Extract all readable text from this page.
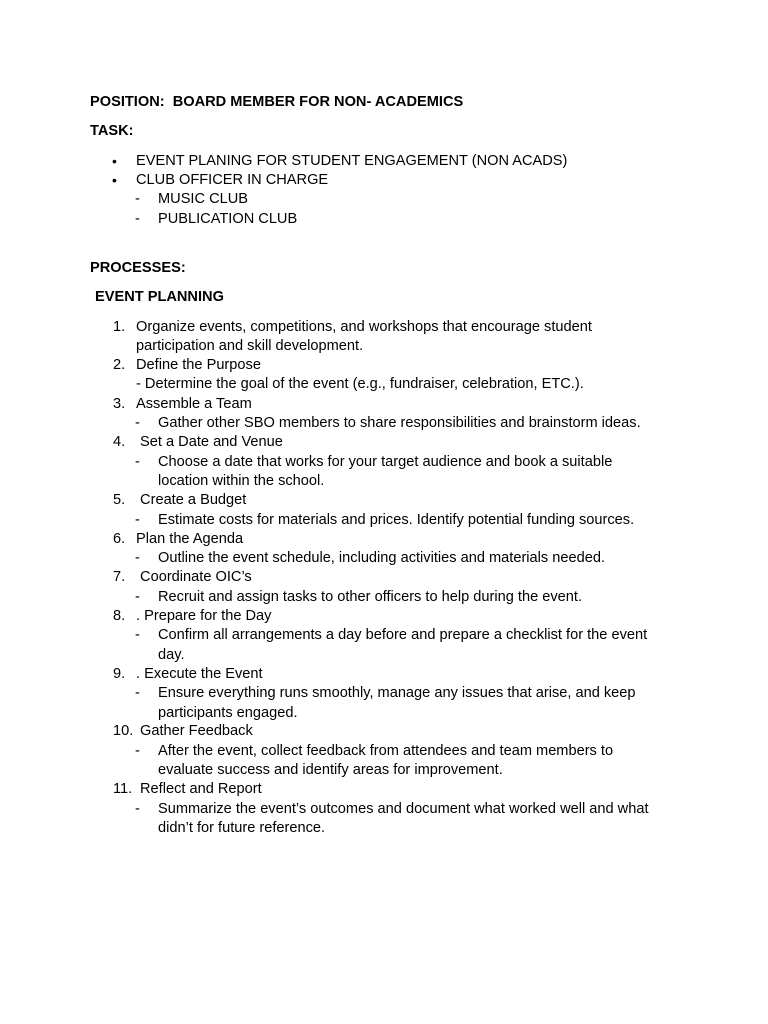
POSITION: BOARD MEMBER FOR NON- ACADEMICS
TASK:
• EVENT PLANING FOR STUDENT ENGAGEMENT (NON ACADS)
• CLUB OFFICER IN CHARGE
- MUSIC CLUB
- PUBLICATION CLUB
PROCESSES:
EVENT PLANNING
1. Organize events, competitions, and workshops that encourage student
participation and skill development.
2. Define the Purpose
- Determine the goal of the event (e.g., fundraiser, celebration, ETC.).
3. Assemble a Team
- Gather other SBO members to share responsibilities and brainstorm ideas.
4. Set a Date and Venue
- Choose a date that works for your target audience and book a suitable
location within the school.
5. Create a Budget
- Estimate costs for materials and prices. Identify potential funding sources.
6. Plan the Agenda
- Outline the event schedule, including activities and materials needed.
7. Coordinate OIC’s
- Recruit and assign tasks to other officers to help during the event.
8. . Prepare for the Day
- Confirm all arrangements a day before and prepare a checklist for the event
day.
9. . Execute the Event
- Ensure everything runs smoothly, manage any issues that arise, and keep
participants engaged.
10. Gather Feedback
- After the event, collect feedback from attendees and team members to
evaluate success and identify areas for improvement.
11. Reflect and Report
- Summarize the event’s outcomes and document what worked well and what
didn’t for future reference.
